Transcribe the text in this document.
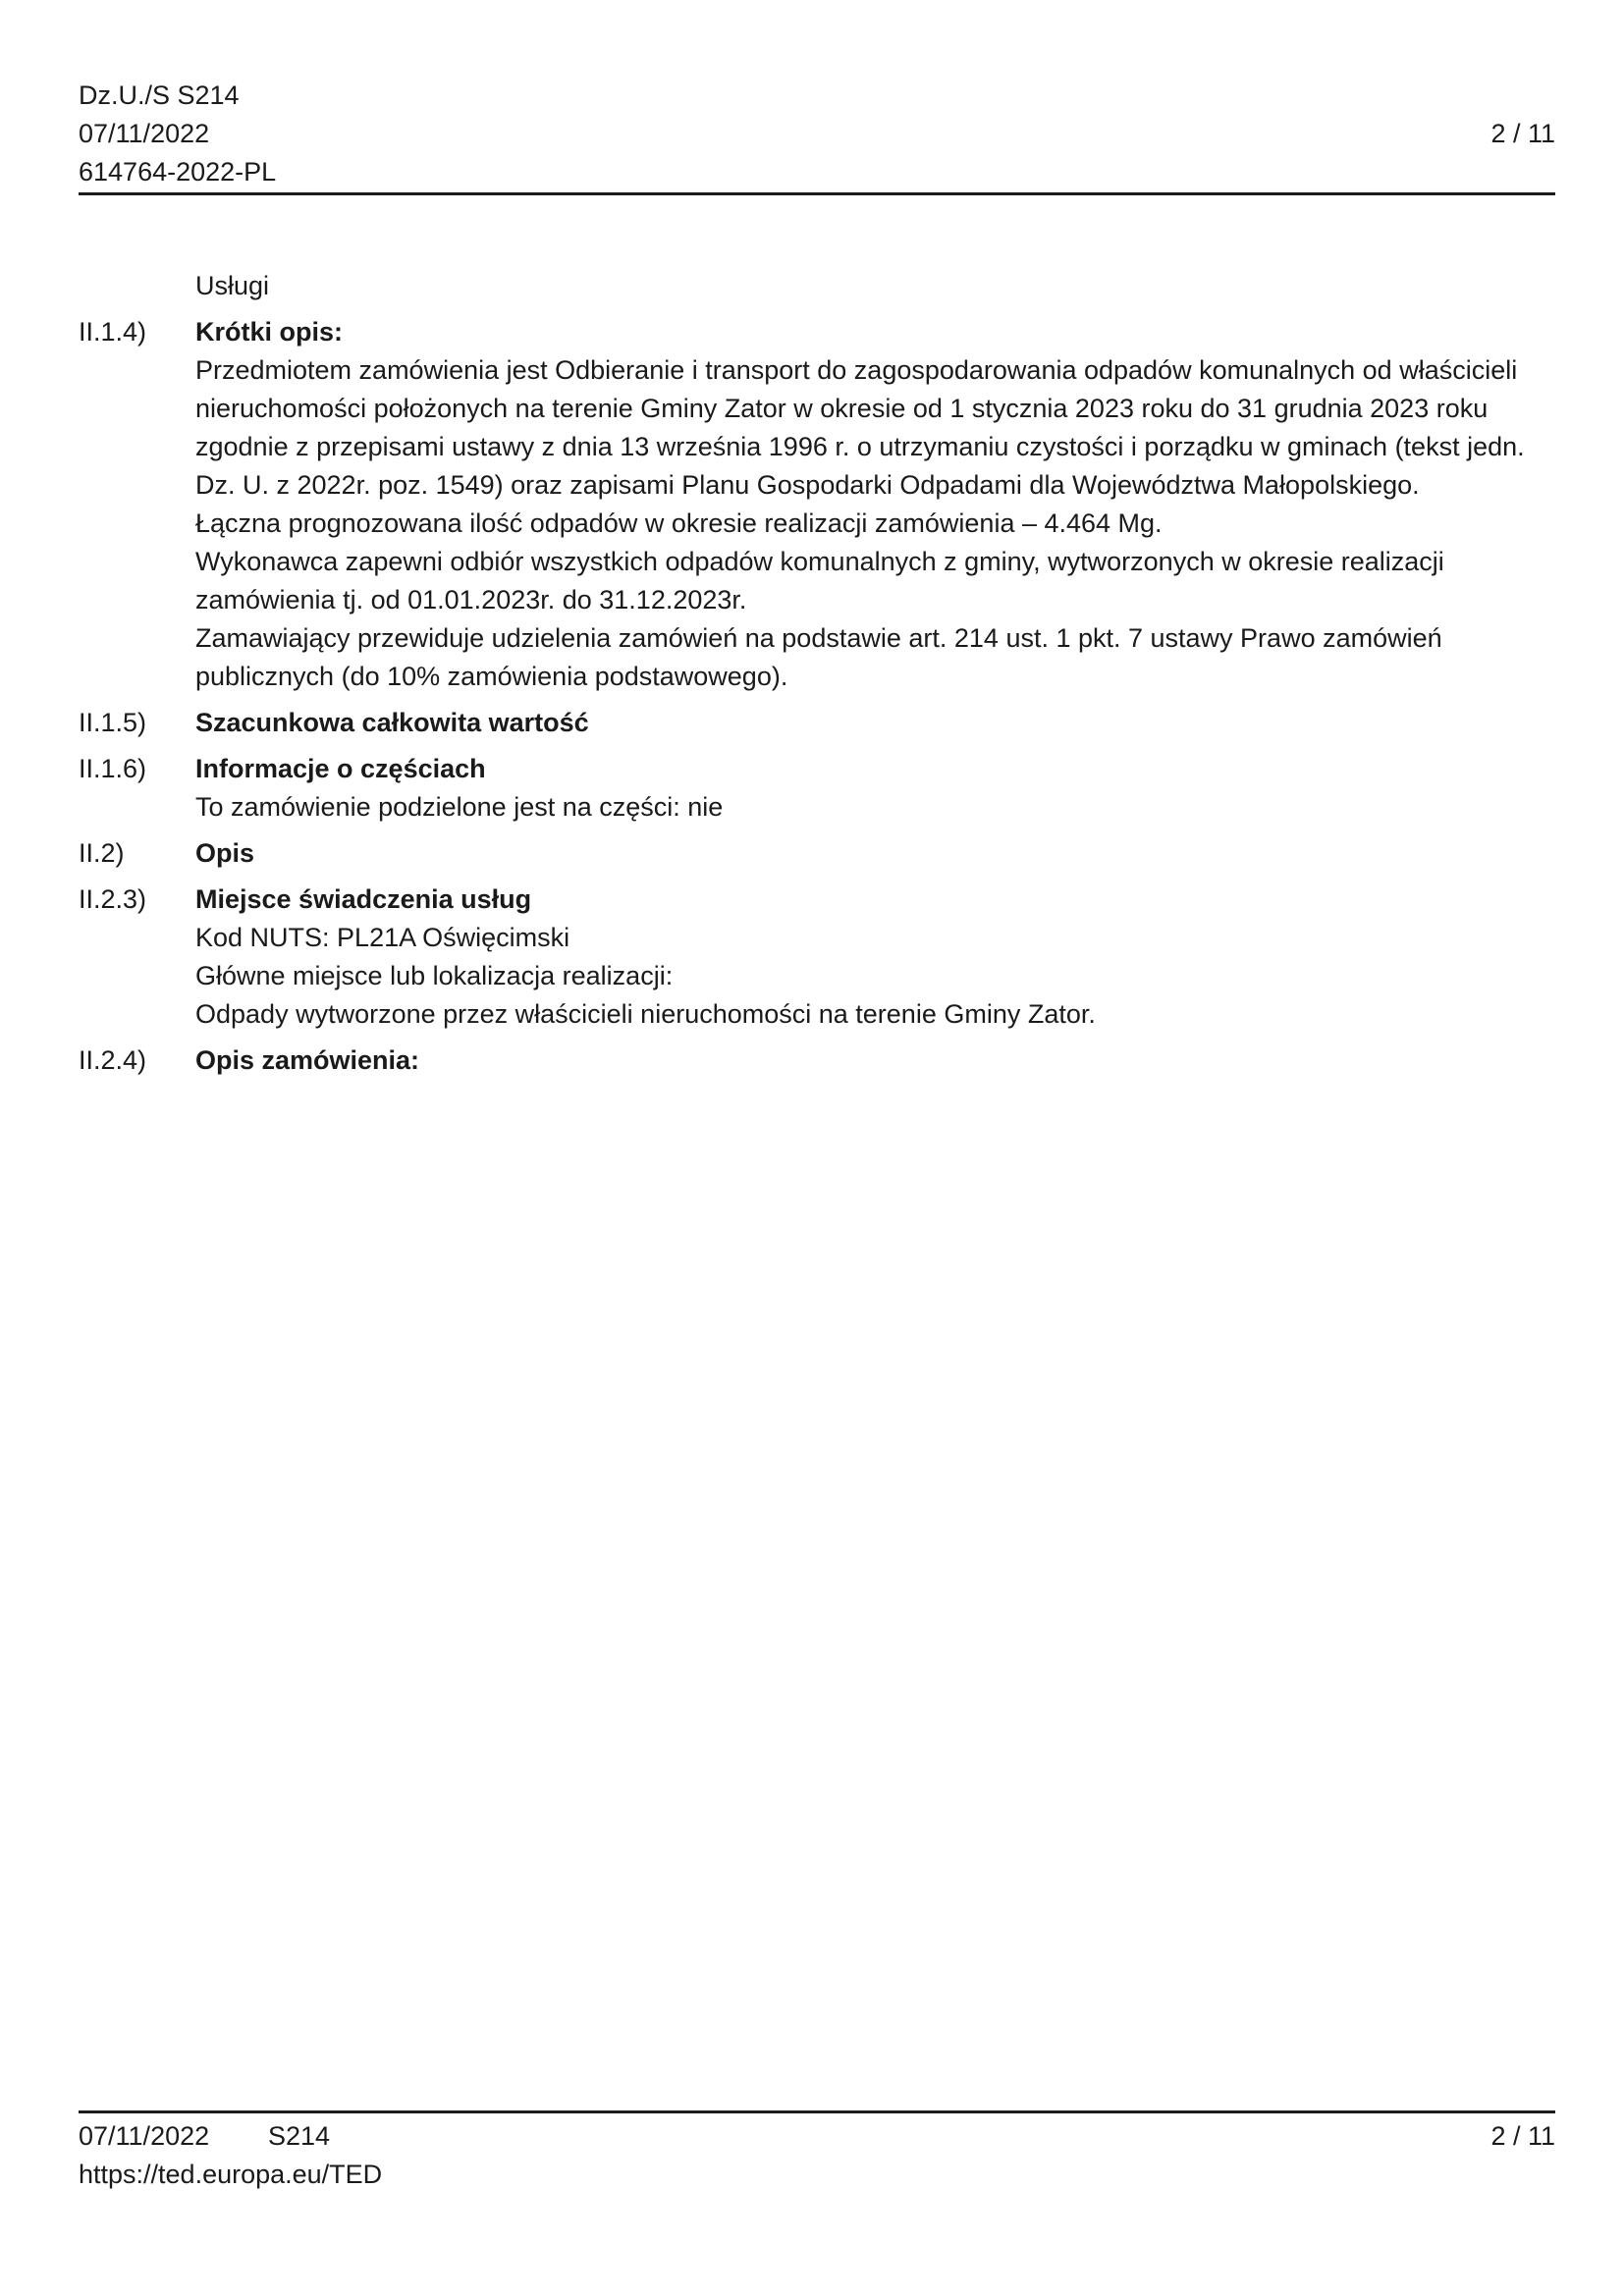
Dz.U./S S214
07/11/2022
614764-2022-PL
2 / 11
Usługi
II.1.4)	Krótki opis:
Przedmiotem zamówienia jest Odbieranie i transport do zagospodarowania odpadów komunalnych od właścicieli nieruchomości położonych na terenie Gminy Zator w okresie od 1 stycznia 2023 roku do 31 grudnia 2023 roku zgodnie z przepisami ustawy z dnia 13 września 1996 r. o utrzymaniu czystości i porządku w gminach (tekst jedn. Dz. U. z 2022r. poz. 1549) oraz zapisami Planu Gospodarki Odpadami dla Województwa Małopolskiego.
Łączna prognozowana ilość odpadów w okresie realizacji zamówienia – 4.464 Mg.
Wykonawca zapewni odbiór wszystkich odpadów komunalnych z gminy, wytworzonych w okresie realizacji zamówienia tj. od 01.01.2023r. do 31.12.2023r.
Zamawiający przewiduje udzielenia zamówień na podstawie art. 214 ust. 1 pkt. 7 ustawy Prawo zamówień publicznych (do 10% zamówienia podstawowego).
II.1.5)	Szacunkowa całkowita wartość
II.1.6)	Informacje o częściach
To zamówienie podzielone jest na części: nie
II.2)	Opis
II.2.3)	Miejsce świadczenia usług
Kod NUTS: PL21A Oświęcimski
Główne miejsce lub lokalizacja realizacji:
Odpady wytworzone przez właścicieli nieruchomości na terenie Gminy Zator.
II.2.4)	Opis zamówienia:
07/11/2022 S214
https://ted.europa.eu/TED
2 / 11
